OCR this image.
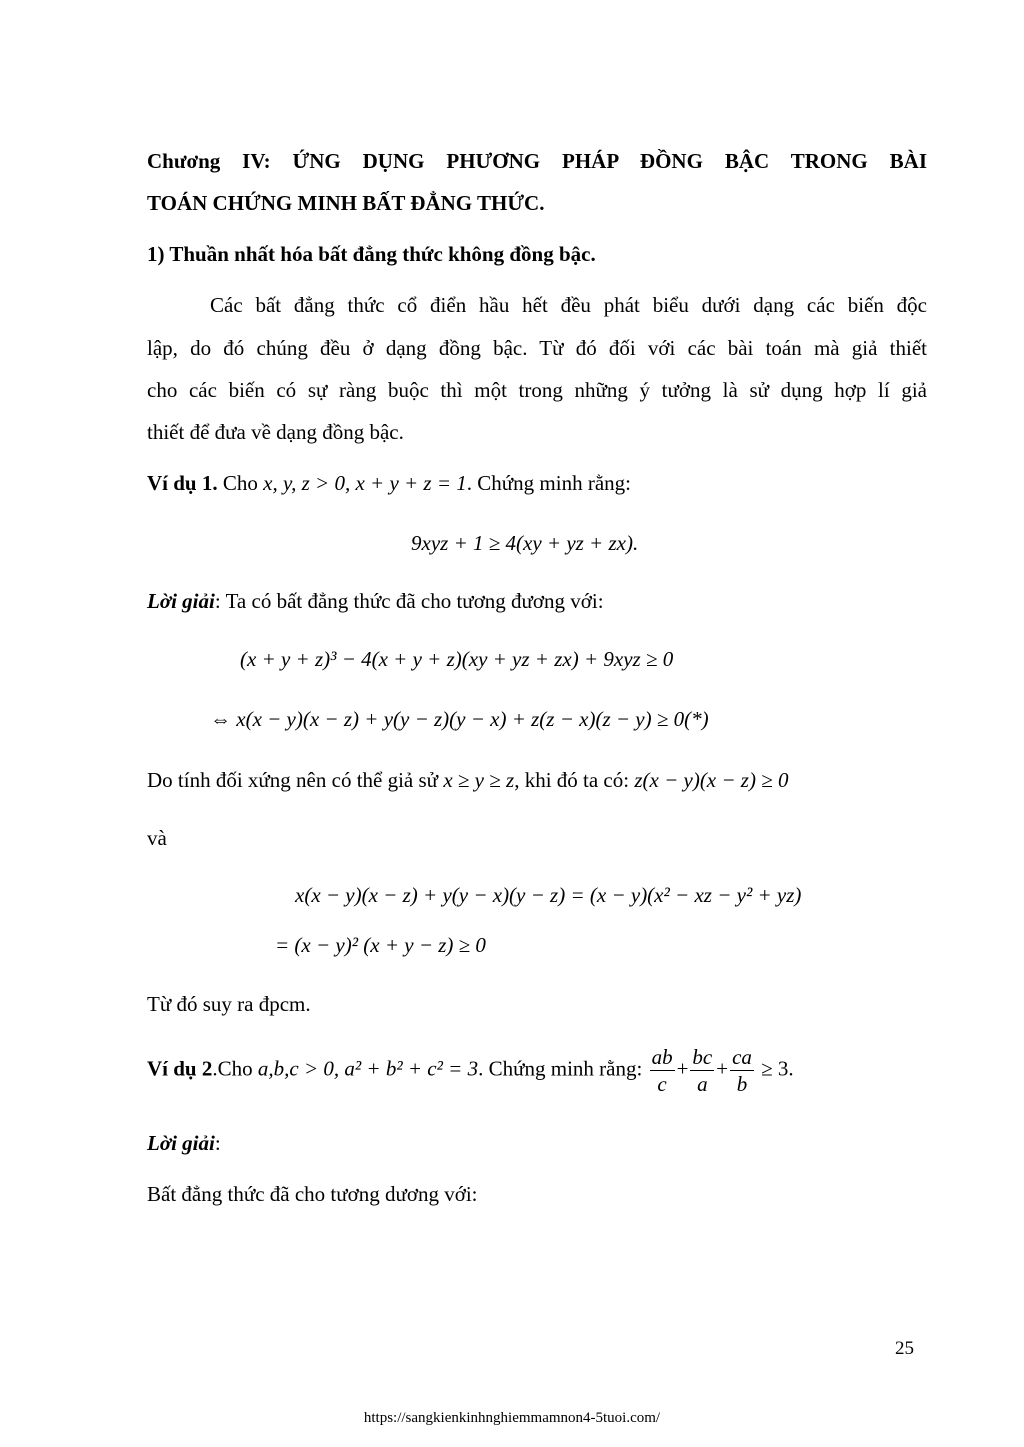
Chương IV: ỨNG DỤNG PHƯƠNG PHÁP ĐỒNG BẬC TRONG BÀI
TOÁN CHỨNG MINH BẤT ĐẲNG THỨC.
1) Thuần nhất hóa bất đẳng thức không đồng bậc.
Các bất đẳng thức cổ điển hầu hết đều phát biểu dưới dạng các biến độc
lập, do đó chúng đều ở dạng đồng bậc. Từ đó đối với các bài toán mà giả thiết
cho các biến có sự ràng buộc thì một trong những ý tưởng là sử dụng hợp lí giả
thiết để đưa về dạng đồng bậc.
Ví dụ 1. Cho x, y, z > 0, x + y + z = 1. Chứng minh rằng:
9xyz + 1 ≥ 4(xy + yz + zx).
Lời giải: Ta có bất đẳng thức đã cho tương đương với:
(x + y + z)³ − 4(x + y + z)(xy + yz + zx) + 9xyz ≥ 0
⇔ x(x − y)(x − z) + y(y − z)(y − x) + z(z − x)(z − y) ≥ 0(*)
Do tính đối xứng nên có thể giả sử x ≥ y ≥ z, khi đó ta có: z(x − y)(x − z) ≥ 0
và
x(x − y)(x − z) + y(y − x)(y − z) = (x − y)(x² − xz − y² + yz)
= (x − y)² (x + y − z) ≥ 0
Từ đó suy ra đpcm.
Ví dụ 2.Cho a,b,c > 0, a² + b² + c² = 3. Chứng minh rằng: $\frac{ab}{c} + \frac{bc}{a} + \frac{ca}{b} \ge 3$.
Lời giải:
Bất đẳng thức đã cho tương dương với:
25
https://sangkienkinhnghiemmamnon4-5tuoi.com/
